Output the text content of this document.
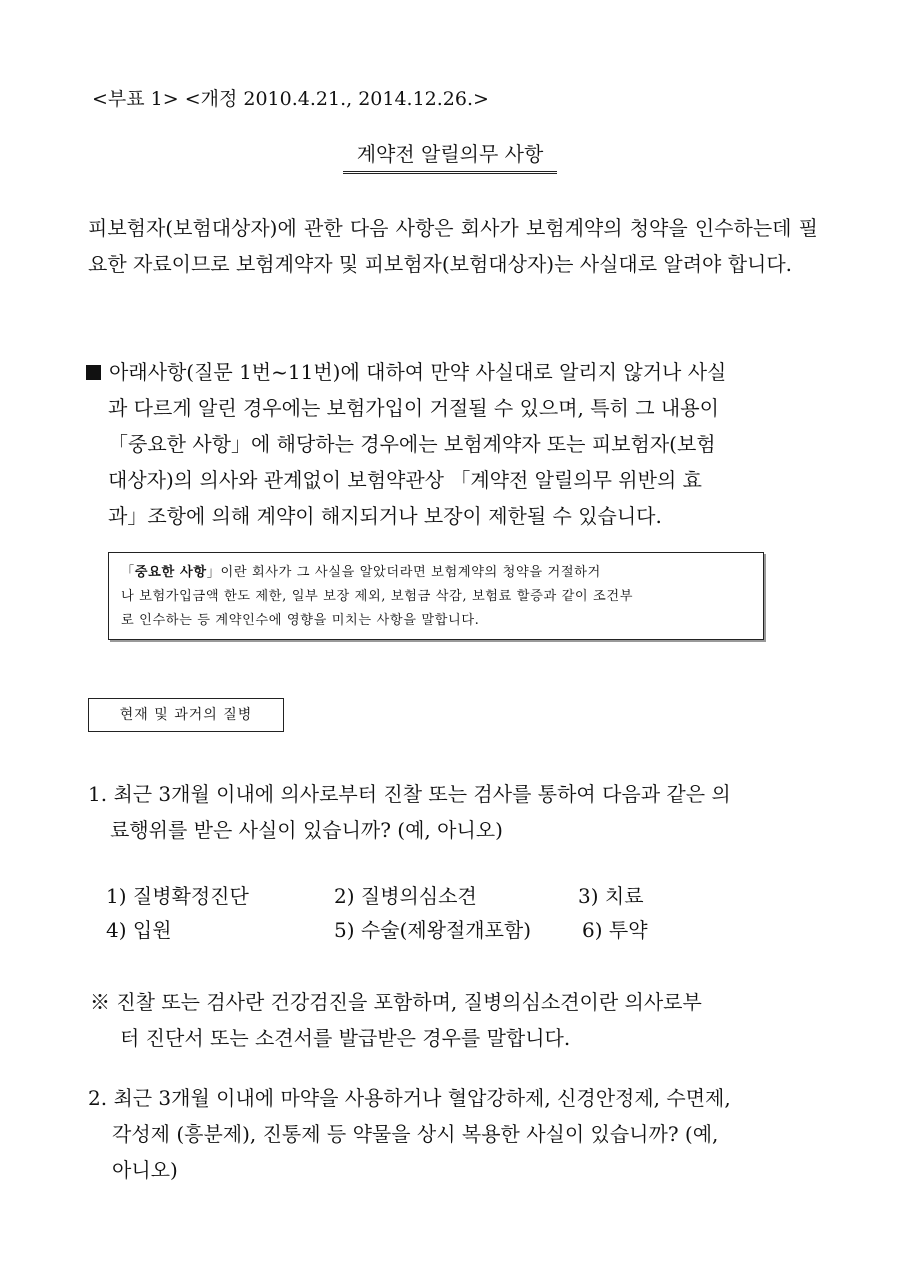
<부표 1> <개정 2010.4.21., 2014.12.26.>
계약전 알릴의무 사항
피보험자(보험대상자)에 관한 다음 사항은 회사가 보험계약의 청약을 인수하는데 필요한 자료이므로 보험계약자 및 피보험자(보험대상자)는 사실대로 알려야 합니다.
아래사항(질문 1번~11번)에 대하여 만약 사실대로 알리지 않거나 사실
과 다르게 알린 경우에는 보험가입이 거절될 수 있으며, 특히 그 내용이
「중요한 사항」에 해당하는 경우에는 보험계약자 또는 피보험자(보험
대상자)의 의사와 관계없이 보험약관상 「계약전 알릴의무 위반의 효
과」조항에 의해 계약이 해지되거나 보장이 제한될 수 있습니다.
「중요한 사항」이란 회사가 그 사실을 알았더라면 보험계약의 청약을 거절하거
나 보험가입금액 한도 제한, 일부 보장 제외, 보험금 삭감, 보험료 할증과 같이 조건부
로 인수하는 등 계약인수에 영향을 미치는 사항을 말합니다.
현재 및 과거의 질병
1. 최근 3개월 이내에 의사로부터 진찰 또는 검사를 통하여 다음과 같은 의
료행위를 받은 사실이 있습니까? (예, 아니오)
1) 질병확정진단	2) 질병의심소견	3) 치료
4) 입원	5) 수술(제왕절개포함)	6) 투약
※ 진찰 또는 검사란 건강검진을 포함하며, 질병의심소견이란 의사로부
터 진단서 또는 소견서를 발급받은 경우를 말합니다.
2. 최근 3개월 이내에 마약을 사용하거나 혈압강하제, 신경안정제, 수면제,
각성제 (흥분제), 진통제 등 약물을 상시 복용한 사실이 있습니까? (예,
아니오)
